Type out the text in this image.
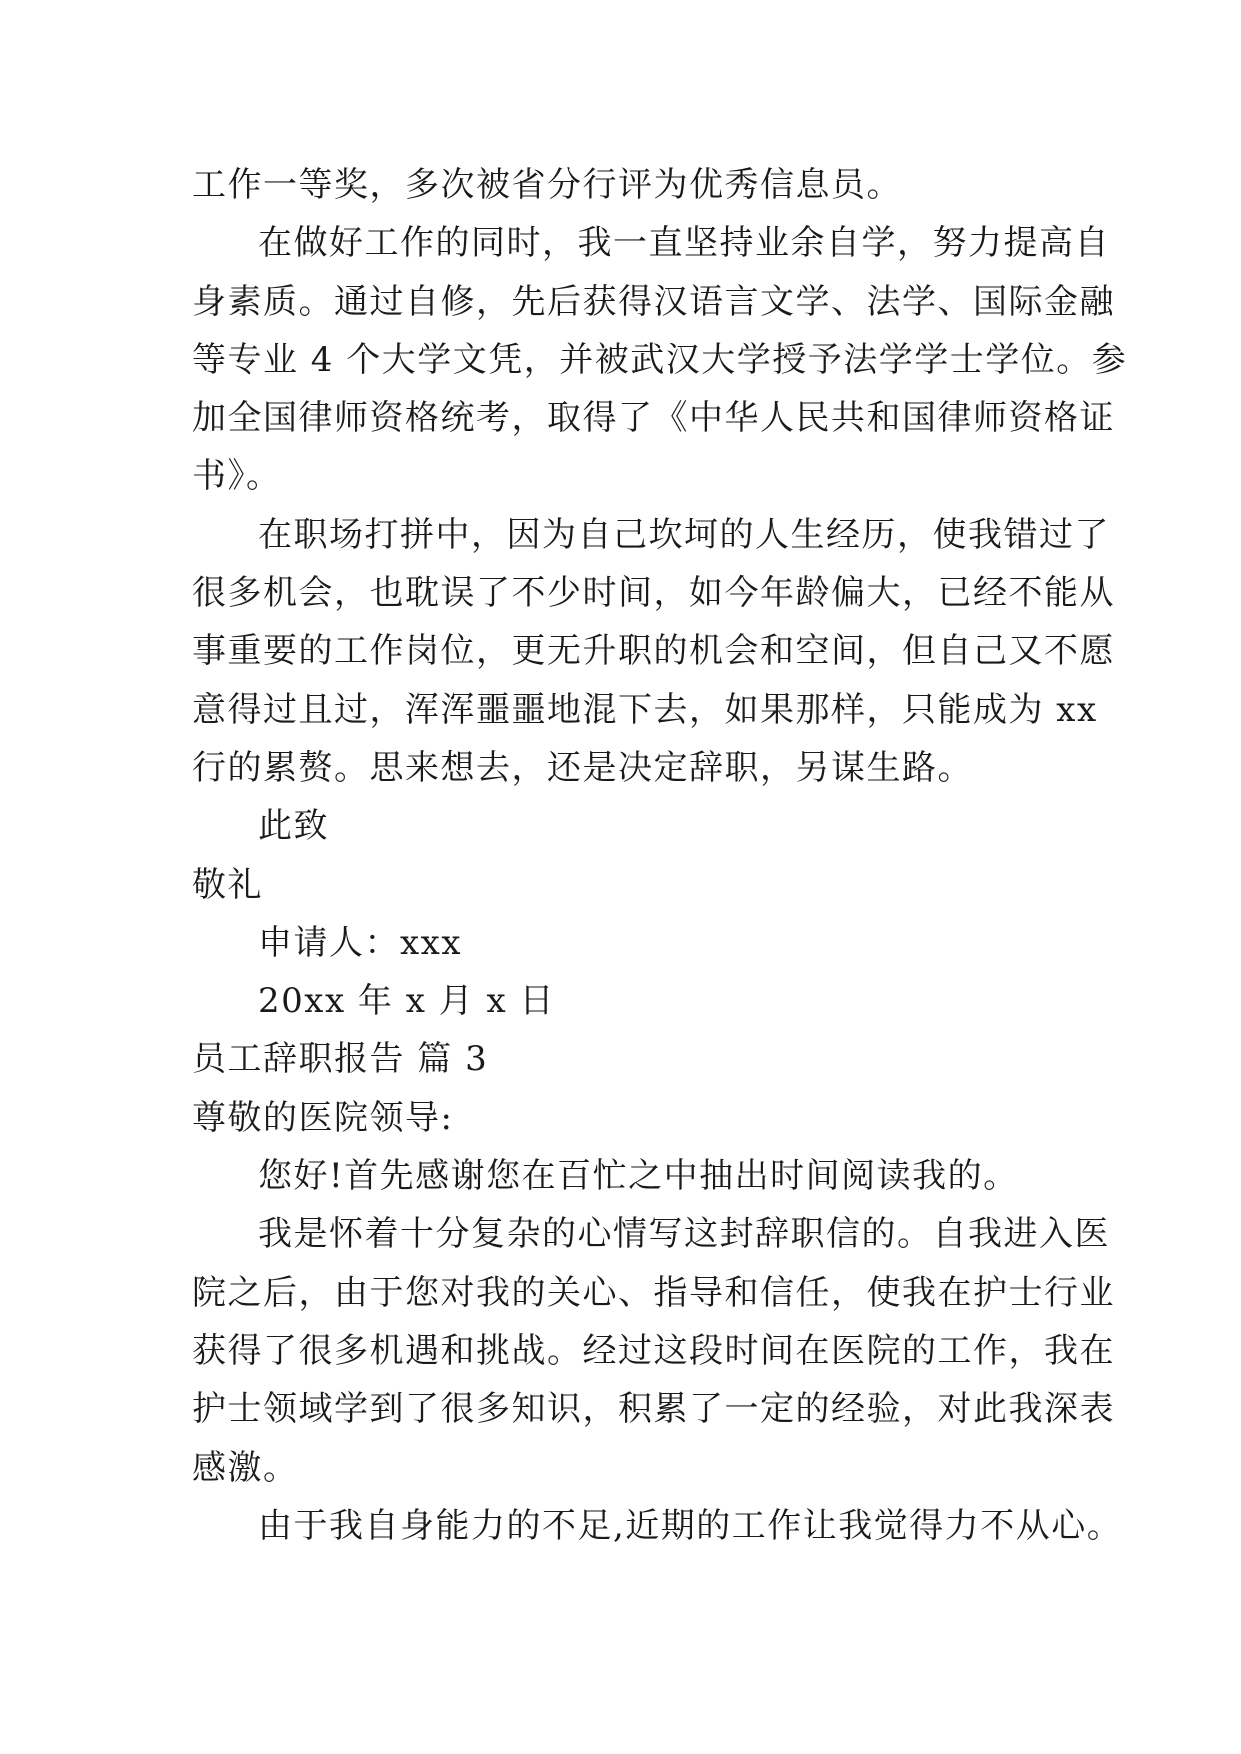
工作一等奖，多次被省分行评为优秀信息员。
在做好工作的同时，我一直坚持业余自学，努力提高自
身素质。通过自修，先后获得汉语言文学、法学、国际金融
等专业 4 个大学文凭，并被武汉大学授予法学学士学位。参
加全国律师资格统考，取得了《中华人民共和国律师资格证
书》。
在职场打拼中，因为自己坎坷的人生经历，使我错过了
很多机会，也耽误了不少时间，如今年龄偏大，已经不能从
事重要的工作岗位，更无升职的机会和空间，但自己又不愿
意得过且过，浑浑噩噩地混下去，如果那样，只能成为 xx
行的累赘。思来想去，还是决定辞职，另谋生路。
此致
敬礼
申请人：xxx
20xx 年 x 月 x 日
员工辞职报告 篇 3
尊敬的医院领导:
您好!首先感谢您在百忙之中抽出时间阅读我的。
我是怀着十分复杂的心情写这封辞职信的。自我进入医
院之后，由于您对我的关心、指导和信任，使我在护士行业
获得了很多机遇和挑战。经过这段时间在医院的工作，我在
护士领域学到了很多知识，积累了一定的经验，对此我深表
感激。
由于我自身能力的不足,近期的工作让我觉得力不从心。
